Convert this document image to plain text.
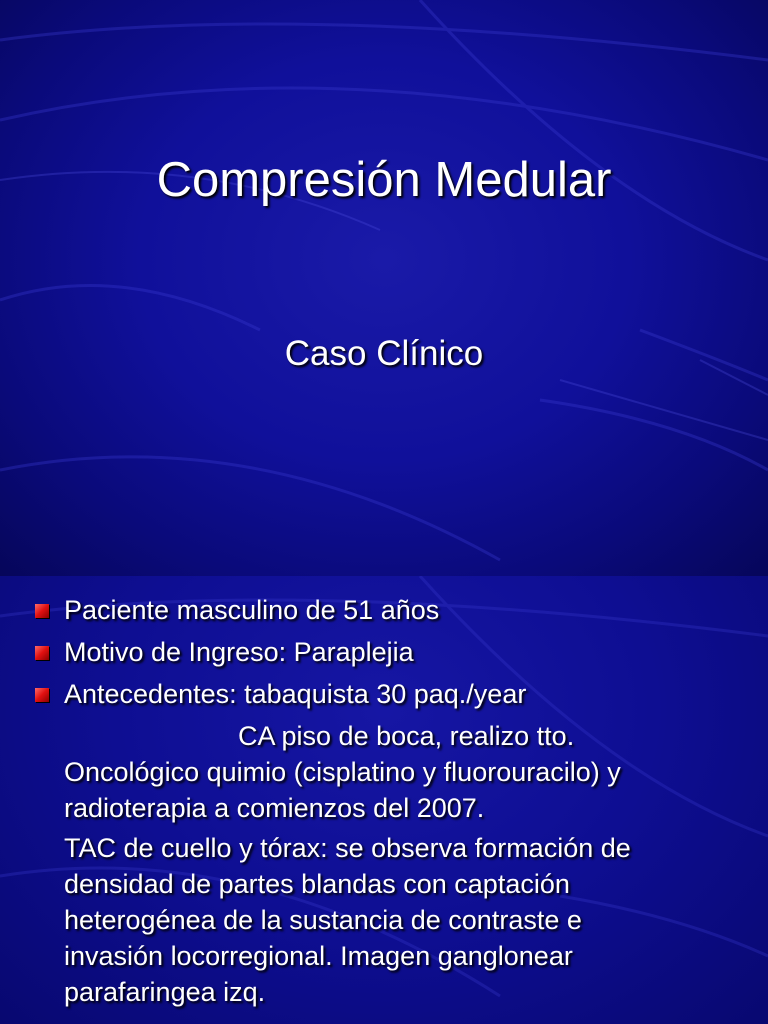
Compresión Medular
Caso Clínico
Paciente masculino de 51 años
Motivo de Ingreso: Paraplejia
Antecedentes: tabaquista 30 paq./year
CA piso de boca, realizo tto.
Oncológico quimio (cisplatino y fluorouracilo) y
radioterapia a comienzos del 2007.
TAC de cuello y tórax: se observa formación de
densidad de partes blandas con captación
heterogénea de la sustancia de contraste e
invasión locorregional. Imagen ganglonear
parafaringea izq.
